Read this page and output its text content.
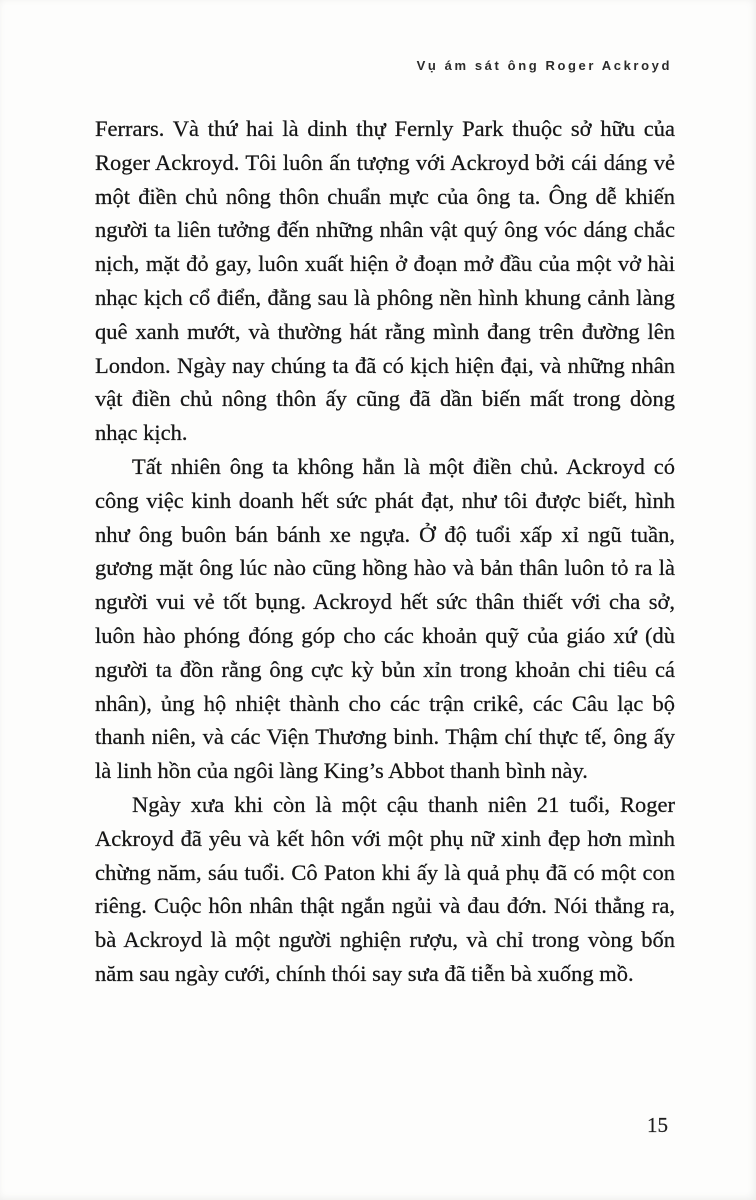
Vụ ám sát ông Roger Ackroyd

Ferrars. Và thứ hai là dinh thự Fernly Park thuộc sở hữu của Roger Ackroyd. Tôi luôn ấn tượng với Ackroyd bởi cái dáng vẻ một điền chủ nông thôn chuẩn mực của ông ta. Ông dễ khiến người ta liên tưởng đến những nhân vật quý ông vóc dáng chắc nịch, mặt đỏ gay, luôn xuất hiện ở đoạn mở đầu của một vở hài nhạc kịch cổ điển, đằng sau là phông nền hình khung cảnh làng quê xanh mướt, và thường hát rằng mình đang trên đường lên London. Ngày nay chúng ta đã có kịch hiện đại, và những nhân vật điền chủ nông thôn ấy cũng đã dần biến mất trong dòng nhạc kịch.

Tất nhiên ông ta không hẳn là một điền chủ. Ackroyd có công việc kinh doanh hết sức phát đạt, như tôi được biết, hình như ông buôn bán bánh xe ngựa. Ở độ tuổi xấp xỉ ngũ tuần, gương mặt ông lúc nào cũng hồng hào và bản thân luôn tỏ ra là người vui vẻ tốt bụng. Ackroyd hết sức thân thiết với cha sở, luôn hào phóng đóng góp cho các khoản quỹ của giáo xứ (dù người ta đồn rằng ông cực kỳ bủn xỉn trong khoản chi tiêu cá nhân), ủng hộ nhiệt thành cho các trận crikê, các Câu lạc bộ thanh niên, và các Viện Thương binh. Thậm chí thực tế, ông ấy là linh hồn của ngôi làng King’s Abbot thanh bình này.

Ngày xưa khi còn là một cậu thanh niên 21 tuổi, Roger Ackroyd đã yêu và kết hôn với một phụ nữ xinh đẹp hơn mình chừng năm, sáu tuổi. Cô Paton khi ấy là quả phụ đã có một con riêng. Cuộc hôn nhân thật ngắn ngủi và đau đớn. Nói thẳng ra, bà Ackroyd là một người nghiện rượu, và chỉ trong vòng bốn năm sau ngày cưới, chính thói say sưa đã tiễn bà xuống mồ.

15
